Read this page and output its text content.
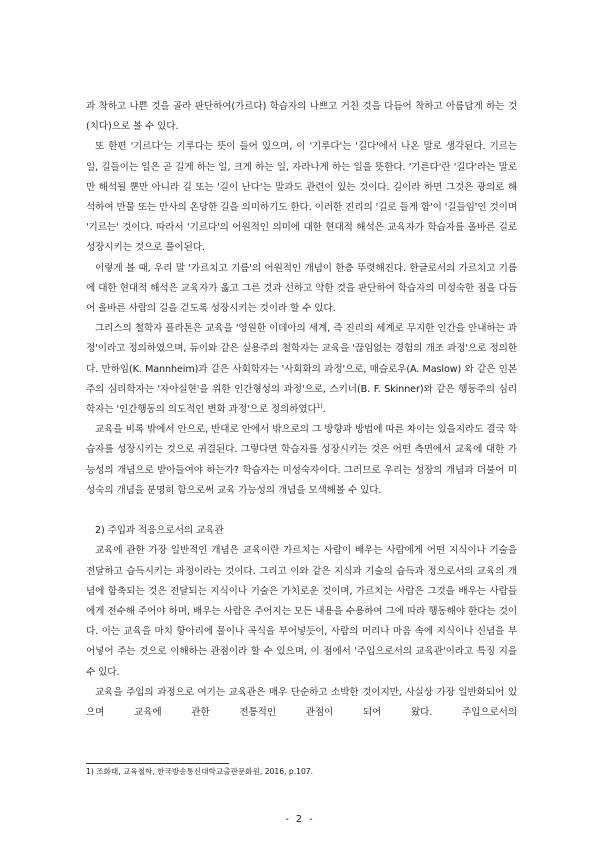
과 착하고 나쁜 것을 골라 판단하여(가르다) 학습자의 나쁘고 거친 것을 다듬어 착하고 아름답게 하는 것(치다)으로 볼 수 있다.

또 한편 '기르다'는 기루다는 뜻이 들어 있으며, 이 '기루다'는 '길다'에서 나온 말로 생각된다. 기르는 일, 길들이는 일은 곧 길게 하는 일, 크게 하는 일, 자라나게 하는 일을 뜻한다. '기른다'란 '길다'라는 말로만 해석될 뿐만 아니라 길 또는 '길이 난다'는 말과도 관련이 있는 것이다. 길이라 하면 그것은 광의로 해석하여 만물 또는 만사의 온당한 길을 의미하기도 한다. 이러한 진리의 '길로 들게 함'이 '길들임'인 것이며 '기르는' 것이다. 따라서 '기르다'의 어원적인 의미에 대한 현대적 해석은 교육자가 학습자를 올바른 길로 성장시키는 것으로 풀이된다.

이렇게 볼 때, 우리 말 '가르치고 기름'의 어원적인 개념이 한층 뚜렷해진다. 한글로서의 가르치고 기름에 대한 현대적 해석은 교육자가 옳고 그른 것과 선하고 악한 것을 판단하여 학습자의 미성숙한 점을 다듬어 올바른 사람의 길을 걷도록 성장시키는 것이라 할 수 있다.

그리스의 철학자 플라톤은 교육을 '영원한 이데아의 세계, 즉 진리의 세계로 무지한 인간을 안내하는 과정'이라고 정의하였으며, 듀이와 같은 실용주의 철학자는 교육을 '끊임없는 경험의 개조 과정'으로 정의한다. 만하임(K. Mannheim)과 같은 사회학자는 '사회화의 과정'으로, 매슬로우(A. Maslow) 와 같은 인본주의 심리학자는 '자아실현'을 위한 인간형성의 과정'으로, 스키너(B. F. Skinner)와 같은 행동주의 심리학자는 '인간행동의 의도적인 변화 과정'으로 정의하였다$^{1)}$.

교육을 비록 밖에서 안으로, 반대로 안에서 밖으로의 그 방향과 방법에 따른 차이는 있을지라도 결국 학습자를 성장시키는 것으로 귀결된다. 그렇다면 학습자를 성장시키는 것은 어떤 측면에서 교육에 대한 가능성의 개념으로 받아들여야 하는가? 학습자는 미성숙자이다. 그러므로 우리는 성장의 개념과 더불어 미성숙의 개념을 분명히 함으로써 교육 가능성의 개념을 모색해볼 수 있다.

2) 주입과 적응으로서의 교육관

교육에 관한 가장 일반적인 개념은 교육이란 가르치는 사람이 배우는 사람에게 어떤 지식이나 기술을 전달하고 습득시키는 과정이라는 것이다. 그리고 이와 같은 지식과 기술의 습득과 정으로서의 교육의 개념에 함축되는 것은 전달되는 지식이나 기술은 가치로운 것이며, 가르치는 사람은 그것을 배우는 사람들에게 전수해 주어야 하며, 배우는 사람은 주어지는 모든 내용을 수용하여 그에 따라 행동해야 한다는 것이다. 이는 교육을 마치 항아리에 물이나 곡식을 부어넣듯이, 사람의 머리나 마음 속에 지식이나 신념을 부어넣어 주는 것으로 이해하는 관점이라 할 수 있으며, 이 점에서 '주입으로서의 교육관'이라고 특징 지을 수 있다.

교육을 주입의 과정으로 여기는 교육관은 매우 단순하고 소박한 것이지만, 사실상 가장 일반화되어 있으며 교육에 관한 전통적인 관점이 되어 왔다. 주입으로서의

1) 조화태, 교육철학, 한국방송통신대학교출판문화원, 2016, p.107.
- 2 -
